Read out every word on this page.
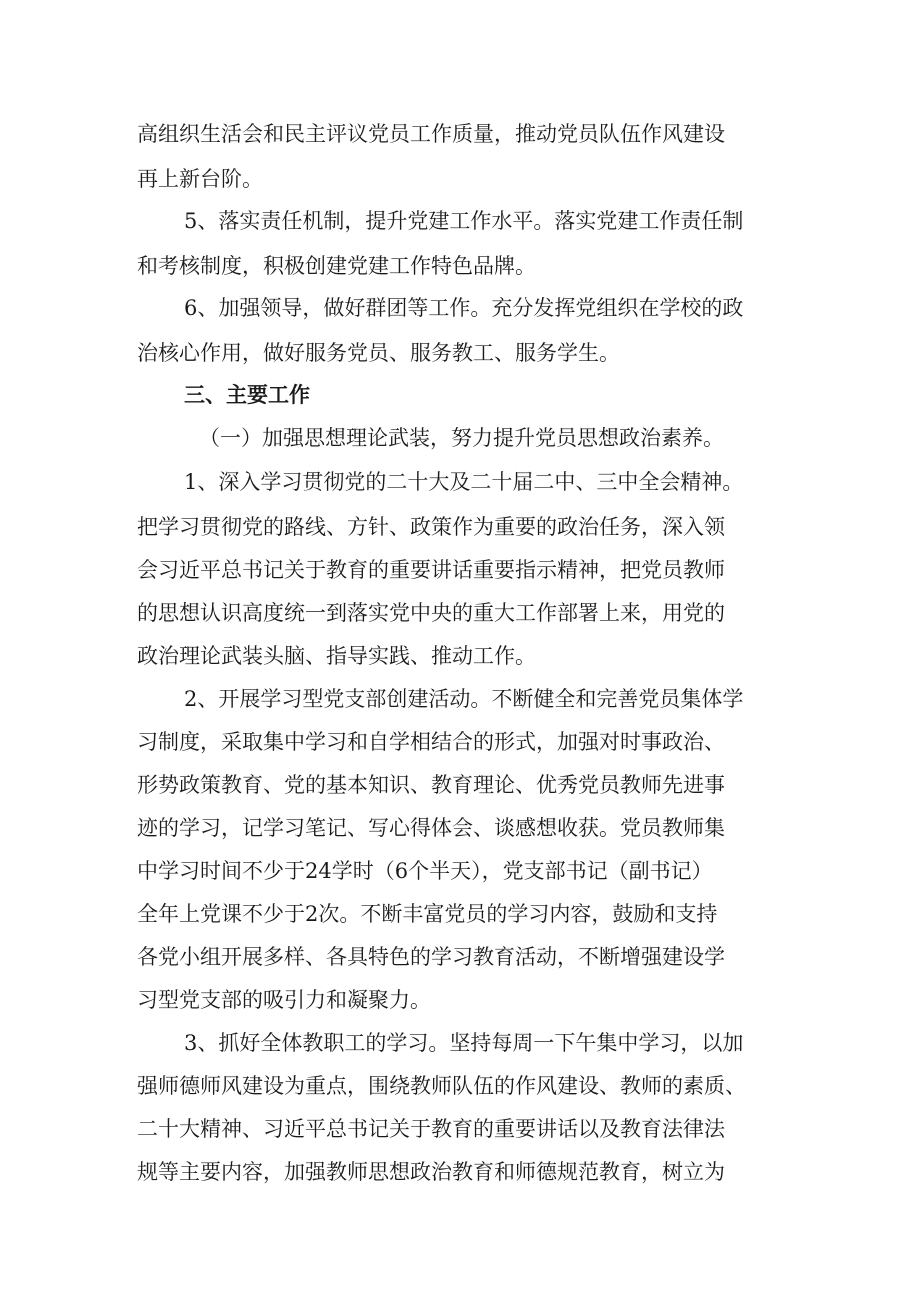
高组织生活会和民主评议党员工作质量，推动党员队伍作风建设
再上新台阶。
5、落实责任机制，提升党建工作水平。落实党建工作责任制
和考核制度，积极创建党建工作特色品牌。
6、加强领导，做好群团等工作。充分发挥党组织在学校的政
治核心作用，做好服务党员、服务教工、服务学生。
三、主要工作
（一）加强思想理论武装，努力提升党员思想政治素养。
1、深入学习贯彻党的二十大及二十届二中、三中全会精神。
把学习贯彻党的路线、方针、政策作为重要的政治任务，深入领
会习近平总书记关于教育的重要讲话重要指示精神，把党员教师
的思想认识高度统一到落实党中央的重大工作部署上来，用党的
政治理论武装头脑、指导实践、推动工作。
2、开展学习型党支部创建活动。不断健全和完善党员集体学
习制度，采取集中学习和自学相结合的形式，加强对时事政治、
形势政策教育、党的基本知识、教育理论、优秀党员教师先进事
迹的学习，记学习笔记、写心得体会、谈感想收获。党员教师集
中学习时间不少于24学时（6个半天），党支部书记（副书记）
全年上党课不少于2次。不断丰富党员的学习内容，鼓励和支持
各党小组开展多样、各具特色的学习教育活动，不断增强建设学
习型党支部的吸引力和凝聚力。
3、抓好全体教职工的学习。坚持每周一下午集中学习，以加
强师德师风建设为重点，围绕教师队伍的作风建设、教师的素质、
二十大精神、习近平总书记关于教育的重要讲话以及教育法律法
规等主要内容，加强教师思想政治教育和师德规范教育，树立为
